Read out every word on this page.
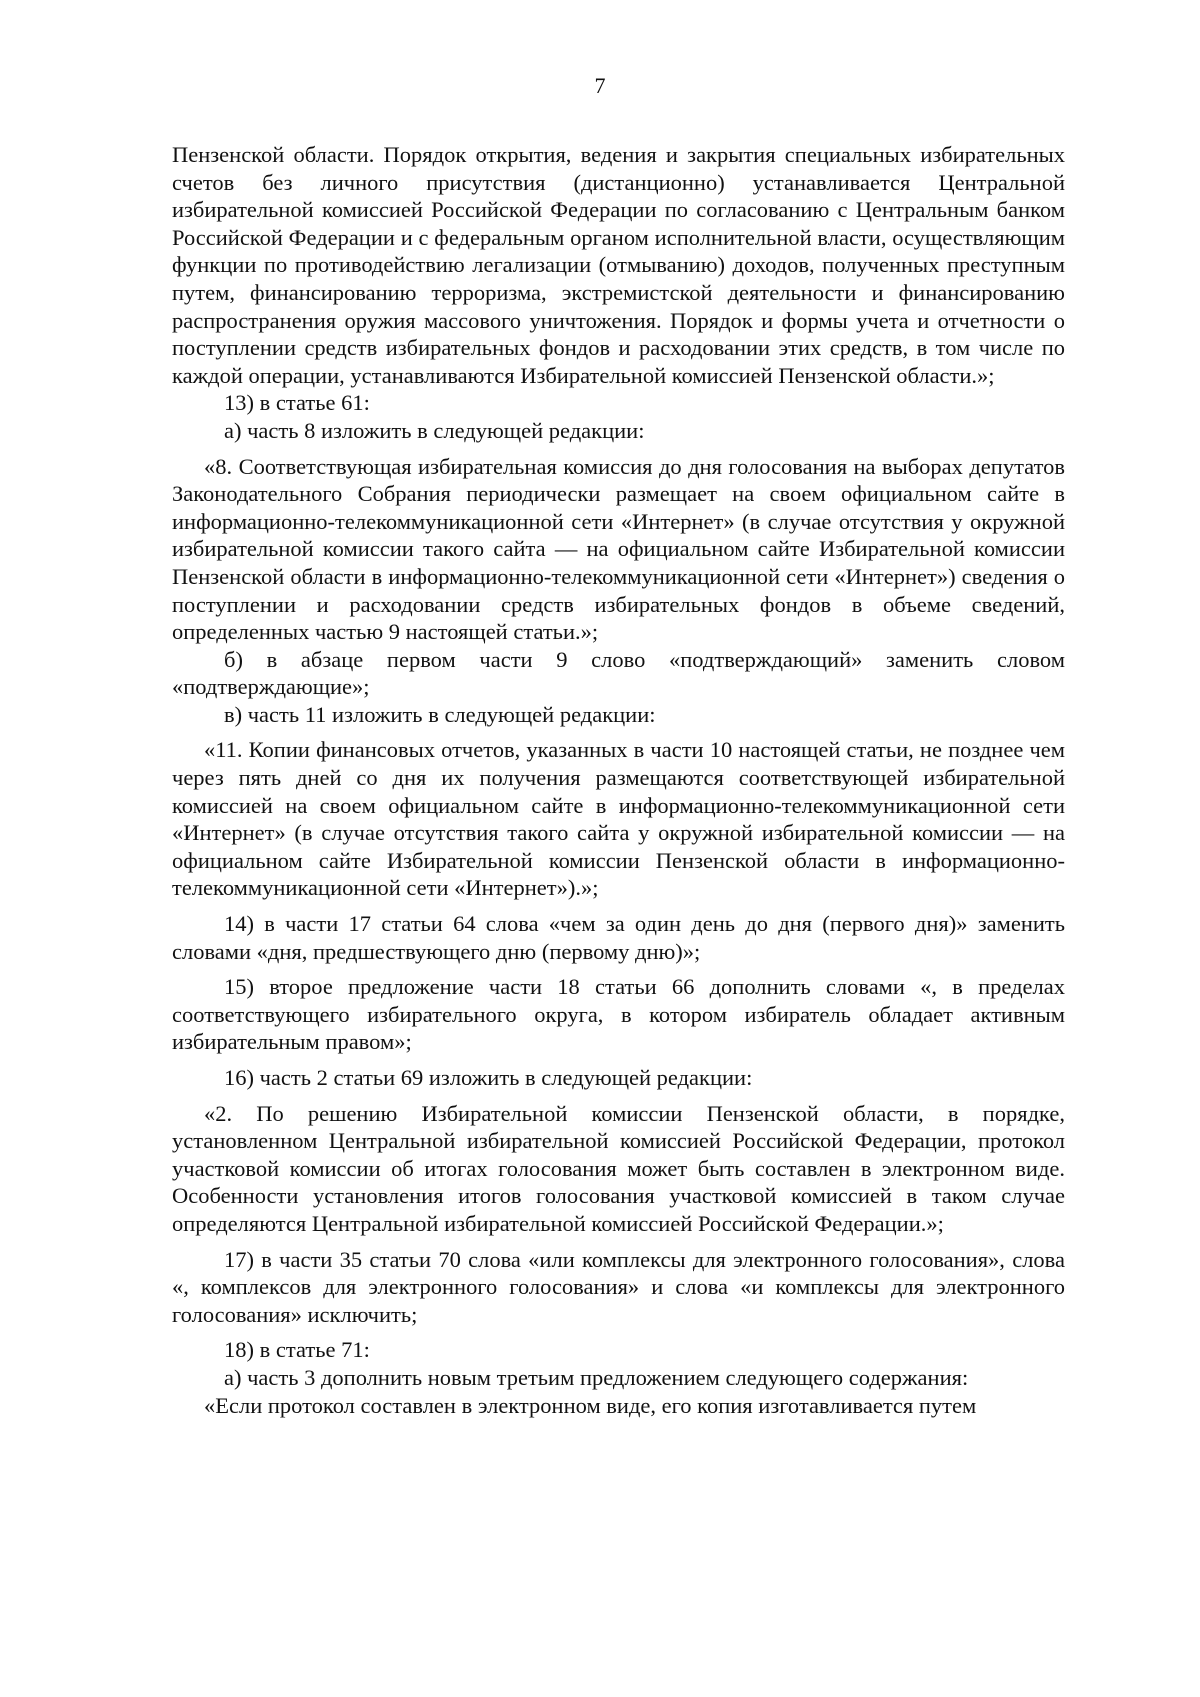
7

Пензенской области. Порядок открытия, ведения и закрытия специальных избирательных счетов без личного присутствия (дистанционно) устанавливается Центральной избирательной комиссией Российской Федерации по согласованию с Центральным банком Российской Федерации и с федеральным органом исполнительной власти, осуществляющим функции по противодействию легализации (отмыванию) доходов, полученных преступным путем, финансированию терроризма, экстремистской деятельности и финансированию распространения оружия массового уничтожения. Порядок и формы учета и отчетности о поступлении средств избирательных фондов и расходовании этих средств, в том числе по каждой операции, устанавливаются Избирательной комиссией Пензенской области.»;

13) в статье 61:

а) часть 8 изложить в следующей редакции:

«8. Соответствующая избирательная комиссия до дня голосования на выборах депутатов Законодательного Собрания периодически размещает на своем официальном сайте в информационно-телекоммуникационной сети «Интернет» (в случае отсутствия у окружной избирательной комиссии такого сайта — на официальном сайте Избирательной комиссии Пензенской области в информационно-телекоммуникационной сети «Интернет») сведения о поступлении и расходовании средств избирательных фондов в объеме сведений, определенных частью 9 настоящей статьи.»;

б) в абзаце первом части 9 слово «подтверждающий» заменить словом «подтверждающие»;

в) часть 11 изложить в следующей редакции:

«11. Копии финансовых отчетов, указанных в части 10 настоящей статьи, не позднее чем через пять дней со дня их получения размещаются соответствующей избирательной комиссией на своем официальном сайте в информационно-телекоммуникационной сети «Интернет» (в случае отсутствия такого сайта у окружной избирательной комиссии — на официальном сайте Избирательной комиссии Пензенской области в информационно-телекоммуникационной сети «Интернет»).»;

14) в части 17 статьи 64 слова «чем за один день до дня (первого дня)» заменить словами «дня, предшествующего дню (первому дню)»;

15) второе предложение части 18 статьи 66 дополнить словами «, в пределах соответствующего избирательного округа, в котором избиратель обладает активным избирательным правом»;

16) часть 2 статьи 69 изложить в следующей редакции:

«2. По решению Избирательной комиссии Пензенской области, в порядке, установленном Центральной избирательной комиссией Российской Федерации, протокол участковой комиссии об итогах голосования может быть составлен в электронном виде. Особенности установления итогов голосования участковой комиссией в таком случае определяются Центральной избирательной комиссией Российской Федерации.»;

17) в части 35 статьи 70 слова «или комплексы для электронного голосования», слова «, комплексов для электронного голосования» и слова «и комплексы для электронного голосования» исключить;

18) в статье 71:

а) часть 3 дополнить новым третьим предложением следующего содержания:

«Если протокол составлен в электронном виде, его копия изготавливается путем
